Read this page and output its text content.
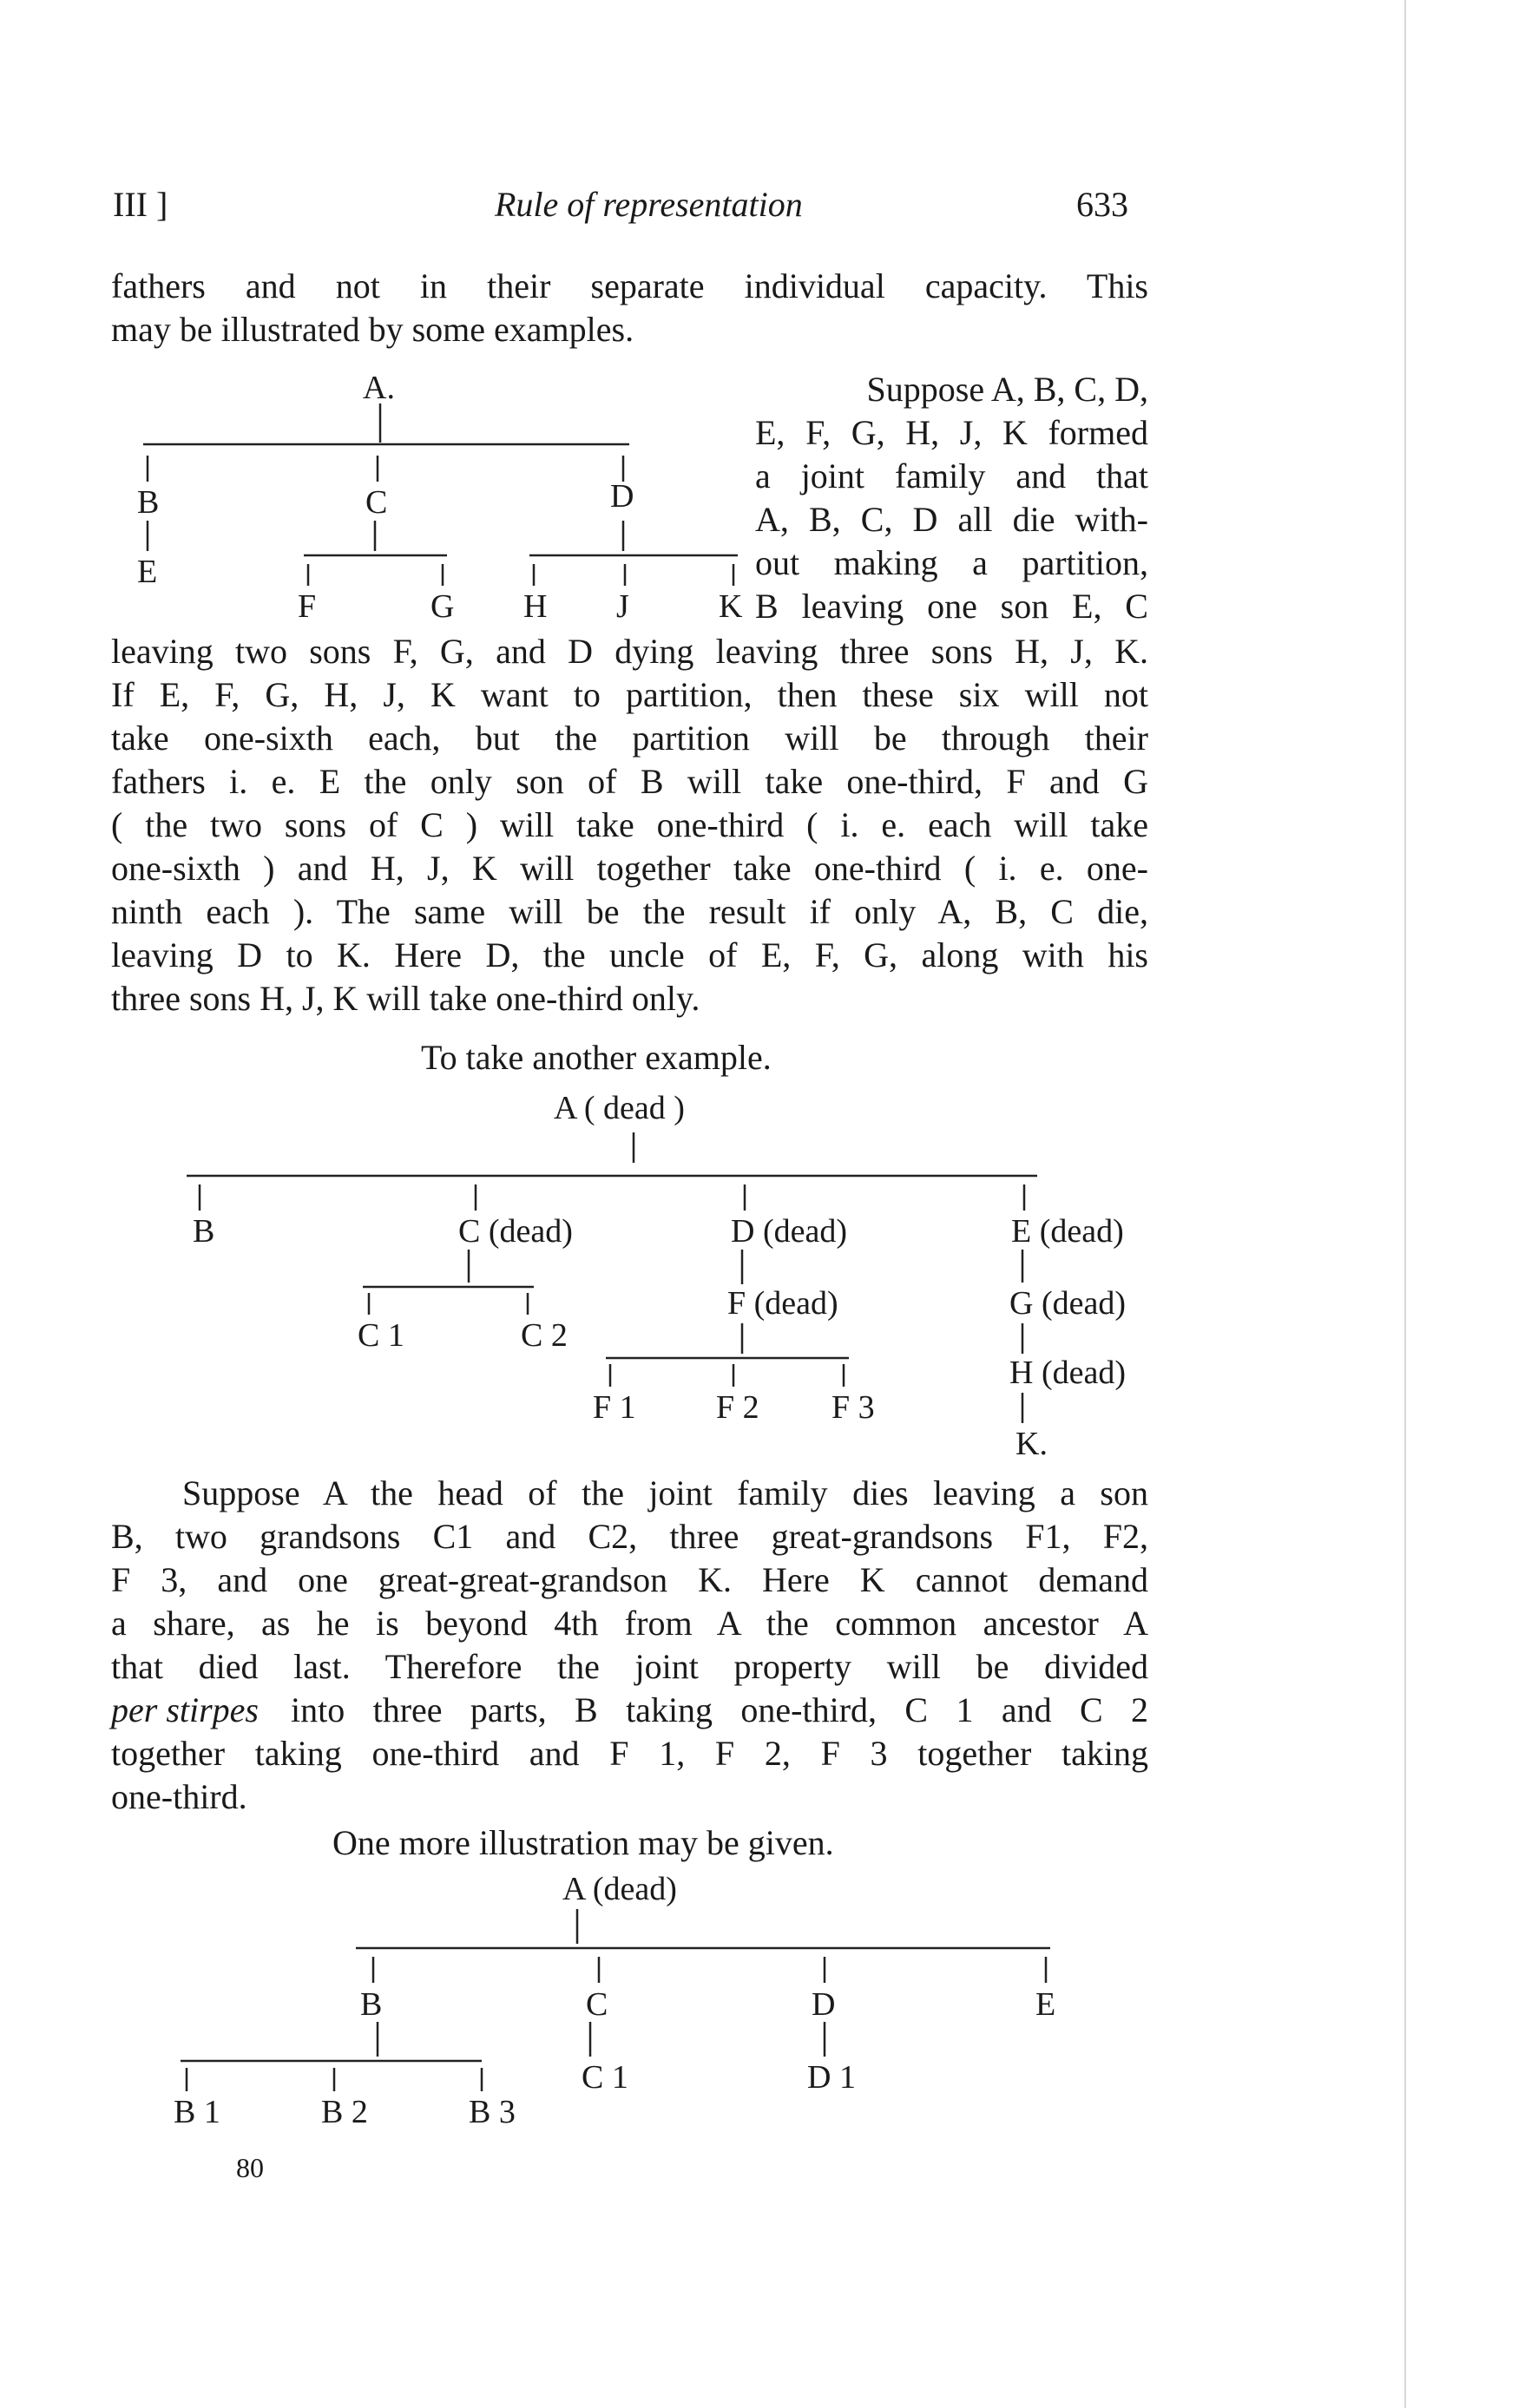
III ]	Rule of representation	633
fathers and not in their separate individual capacity. This
may be illustrated by some examples.
A.
B	C	D
E
F	G H J	K
Suppose A, B, C, D,
E, F, G, H, J, K formed
a joint family and that
A, B, C, D all die with-
out making a partition,
B leaving one son E, C
leaving two sons F, G, and D dying leaving three sons H, J, K.
If E, F, G, H, J, K want to partition, then these six will not
take one-sixth each, but the partition will be through their
fathers i. e. E the only son of B will take one-third, F and G
( the two sons of C ) will take one-third ( i. e. each will take
one-sixth ) and H, J, K will together take one-third ( i. e. one-
ninth each ). The same will be the result if only A, B, C die,
leaving D to K. Here D, the uncle of E, F, G, along with his
three sons H, J, K will take one-third only.
To take another example.
A ( dead )
B	C (dead)	D (dead)	E (dead)
C 1	C 2
F (dead)
F 1 F 2 F 3
G (dead)
H (dead)
K.
Suppose A the head of the joint family dies leaving a son
B, two grandsons C1 and C2, three great-grandsons F1, F2,
F 3, and one great-great-grandson K. Here K cannot demand
a share, as he is beyond 4th from A the common ancestor A
that died last. Therefore the joint property will be divided
per stirpes into three parts, B taking one-third, C 1 and C 2
together taking one-third and F 1, F 2, F 3 together taking
one-third.
One more illustration may be given.
A (dead)
B	C	D	E
C 1	D 1
B 1	B 2	B 3
80
